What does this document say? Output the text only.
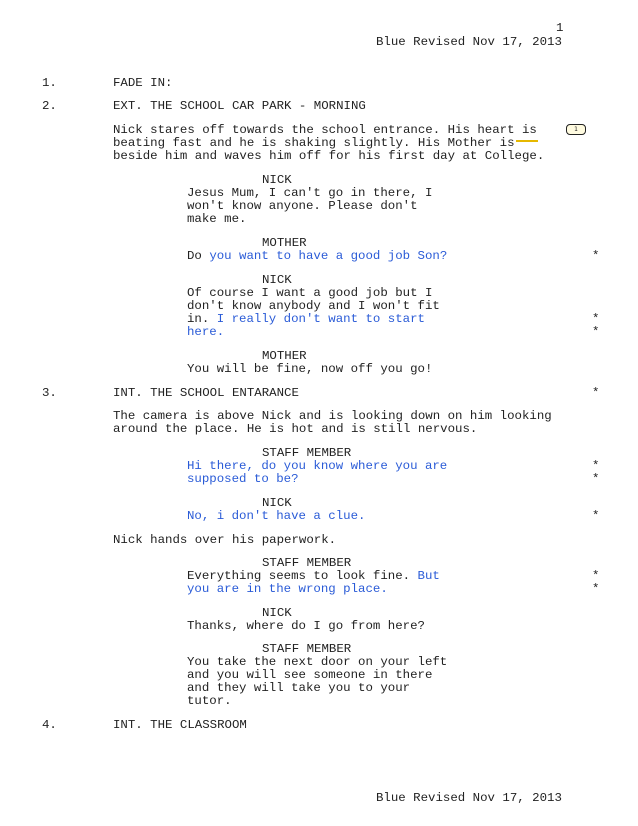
1
Blue Revised Nov 17, 2013
1.	FADE IN:
2.	EXT. THE SCHOOL CAR PARK - MORNING
Nick stares off towards the school entrance. His heart is
beating fast and he is shaking slightly. His Mother is
beside him and waves him off for his first day at College.
1
NICK
Jesus Mum, I can't go in there, I
won't know anyone. Please don't
make me.
MOTHER
Do you want to have a good job Son?	*
NICK
Of course I want a good job but I
don't know anybody and I won't fit
in. I really don't want to start
here.
*
*
MOTHER
You will be fine, now off you go!
3.	INT. THE SCHOOL ENTARANCE	*
The camera is above Nick and is looking down on him looking
around the place. He is hot and is still nervous.
STAFF MEMBER
Hi there, do you know where you are
supposed to be?
*
*
NICK
No, i don't have a clue.	*
Nick hands over his paperwork.
STAFF MEMBER
Everything seems to look fine. But
you are in the wrong place.
*
*
NICK
Thanks, where do I go from here?
STAFF MEMBER
You take the next door on your left
and you will see someone in there
and they will take you to your
tutor.
4.	INT. THE CLASSROOM
Blue Revised Nov 17, 2013
